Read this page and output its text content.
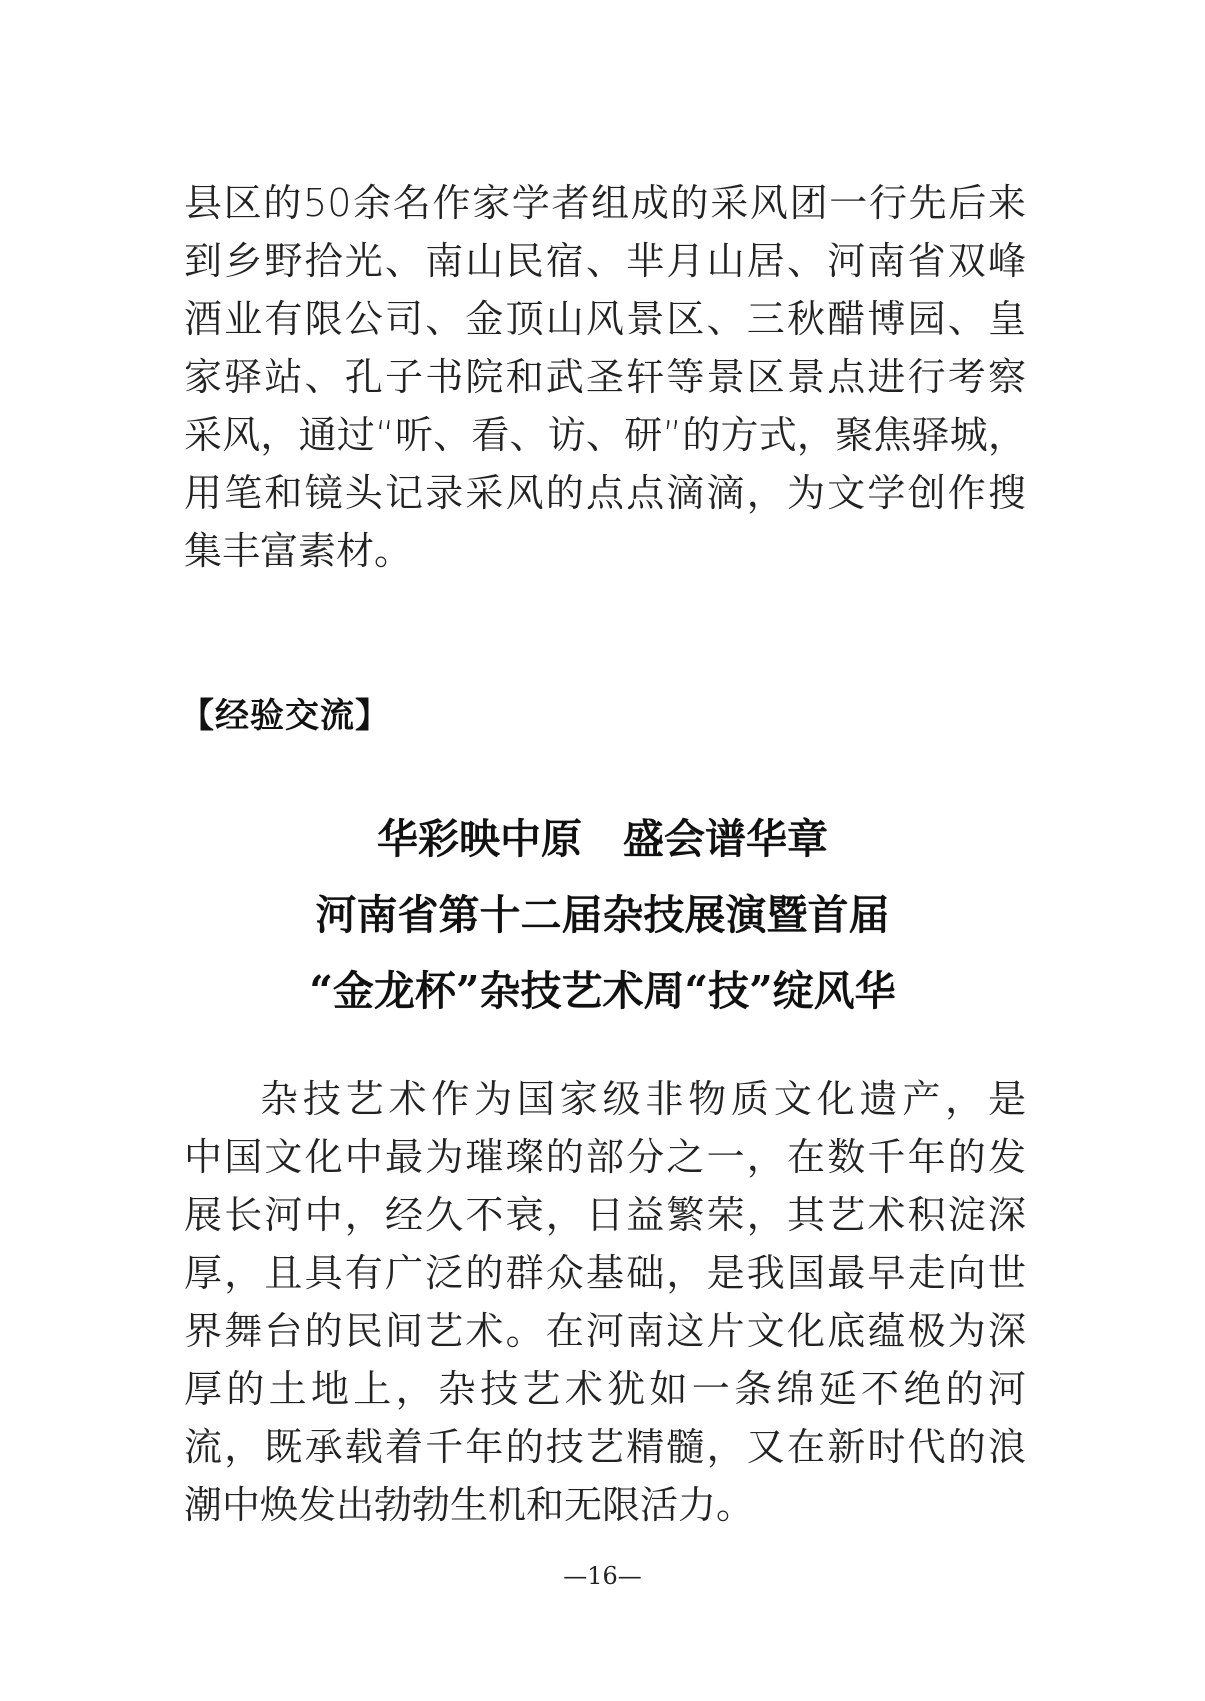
县区的50余名作家学者组成的采风团一行先后来
到乡野拾光、南山民宿、芈月山居、河南省双峰
酒业有限公司、金顶山风景区、三秋醋博园、皇
家驿站、孔子书院和武圣轩等景区景点进行考察
采风，通过“听、看、访、研”的方式，聚焦驿城，
用笔和镜头记录采风的点点滴滴，为文学创作搜
集丰富素材。
【经验交流】
华彩映中原　盛会谱华章
河南省第十二届杂技展演暨首届
“金龙杯”杂技艺术周“技”绽风华
杂技艺术作为国家级非物质文化遗产，是
中国文化中最为璀璨的部分之一，在数千年的发
展长河中，经久不衰，日益繁荣，其艺术积淀深
厚，且具有广泛的群众基础，是我国最早走向世
界舞台的民间艺术。在河南这片文化底蕴极为深
厚的土地上，杂技艺术犹如一条绵延不绝的河
流，既承载着千年的技艺精髓，又在新时代的浪
潮中焕发出勃勃生机和无限活力。
—16—
